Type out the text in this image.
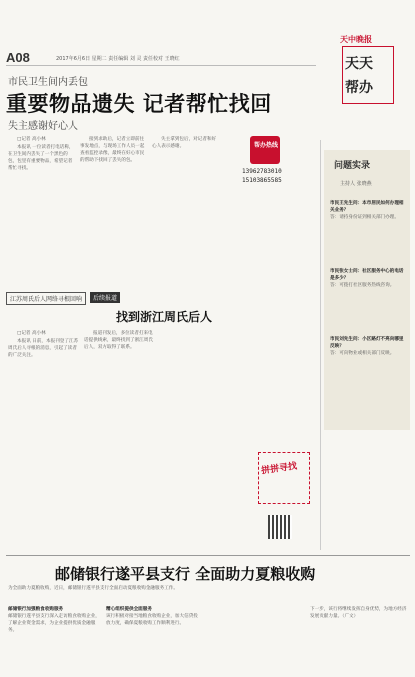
A08	2017年6月6日 星期二 责任编辑 刘 灵 责任校对 王晓红
天中晚报
天天
帮办
市民卫生间内丢包
重要物品遗失 记者帮忙找回
失主感谢好心人

□记者 高小林

本报讯 一位读者打电话称，在卫生间内丢失了一个黑色的包，包里有重要物品，希望记者帮忙寻找。

接到求助后，记者立即前往事发地点，与现场工作人员一起查看监控录像，最终在好心市民的帮助下找回了丢失的包。

失主拿到包后，对记者和好心人表示感谢。	帮办热线
13962783010
15103865585
问题实录
主持人 张晓燕
市民王先生问：本市居民如何办理相关业务？
答：请持身份证到相关部门办理。
市民张女士问：社区服务中心的电话是多少？
答：可拨打社区服务热线咨询。
市民刘先生问：小区路灯不亮向哪里反映？
答：可向物业或相关部门反映。
江苏周氏后人网络寻根回响	后续报道
找到浙江周氏后人

□记者 高小林

本报讯 日前，本报刊登了江苏周氏后人寻根的消息，引起了读者的广泛关注。

报道刊发后，多位读者打来电话提供线索，最终找到了浙江周氏后人，双方取得了联系。

拼拼寻找
邮储银行遂平县支行 全面助力夏粮收购
为全面助力夏粮收购，近日，邮储银行遂平县支行全面启动夏粮收购金融服务工作。
邮储银行加强粮食收购服务
邮储银行遂平县支行深入走访粮食收购企业，了解企业资金需求，为企业提供优质金融服务。
精心组织提供全面服务
该行积极对接当地粮食收购企业，加大信贷投放力度，确保夏粮收购工作顺利进行。
下一步，该行将继续发挥自身优势，为地方经济发展贡献力量。（广文）
